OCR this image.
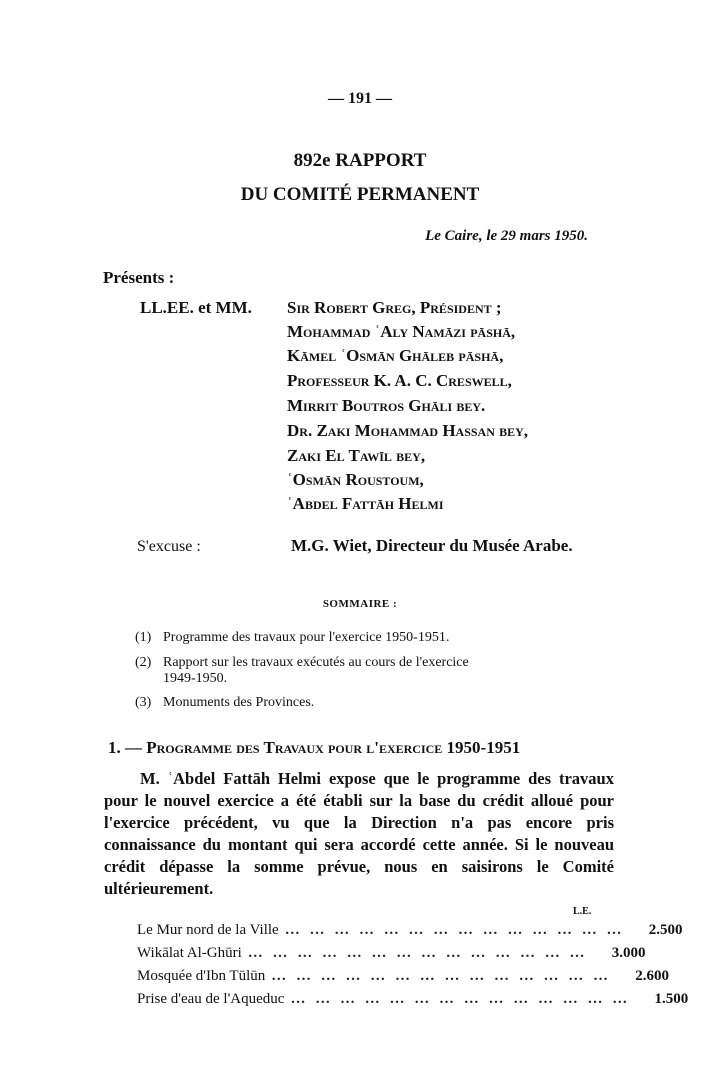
— 191 —
892e RAPPORT
DU COMITÉ PERMANENT
Le Caire, le 29 mars 1950.
Présents :
LL.EE. et MM. Sir Robert Greg, Président ;
Mohammad ʿAly Namāzi pāshā,
Kāmel ʿOsmān Ghāleb pāshā,
Professeur K. A. C. Creswell,
Mirrit Boutros Ghāli bey.
Dr. Zaki Mohammad Hassan bey,
Zaki El Tawīl bey,
ʿOsmān Roustoum,
ʿAbdel Fattāh Helmi
S'excuse :	M.G. Wiet, Directeur du Musée Arabe.
SOMMAIRE :
(1) Programme des travaux pour l'exercice 1950-1951.
(2) Rapport sur les travaux exécutés au cours de l'exercice
1949-1950.
(3) Monuments des Provinces.
1. — Programme des Travaux pour l'exercice 1950-1951
M. ʿAbdel Fattāh Helmi expose que le programme des travaux pour le nouvel exercice a été établi sur la base du crédit alloué pour l'exercice précédent, vu que la Direction n'a pas encore pris connaissance du montant qui sera accordé cette année. Si le nouveau crédit dépasse la somme prévue, nous en saisirons le Comité ultérieurement.
L.E.
Le Mur nord de la Ville … … … … … … … … … … … … … …	2.500
Wikālat Al-Ghūri … … … … … … … … … … … … … …	3.000
Mosquée d'Ibn Tūlūn … … … … … … … … … … … … … …	2.600
Prise d'eau de l'Aqueduc … … … … … … … … … … … … … …	1.500
